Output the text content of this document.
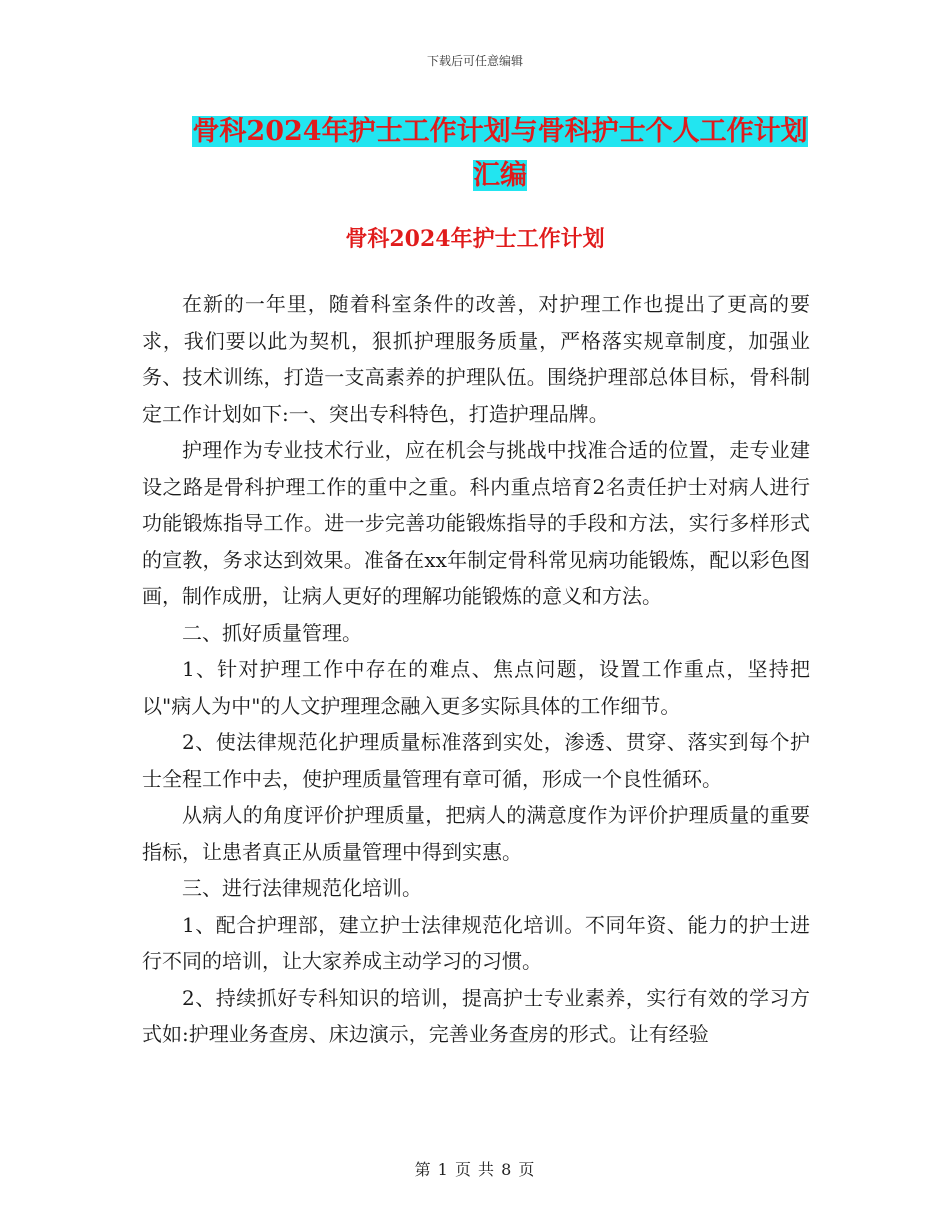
下载后可任意编辑
骨科2024年护士工作计划与骨科护士个人工作计划汇编
骨科2024年护士工作计划

在新的一年里，随着科室条件的改善，对护理工作也提出了更高的要求，我们要以此为契机，狠抓护理服务质量，严格落实规章制度，加强业务、技术训练，打造一支高素养的护理队伍。围绕护理部总体目标，骨科制定工作计划如下:一、突出专科特色，打造护理品牌。

护理作为专业技术行业，应在机会与挑战中找准合适的位置，走专业建设之路是骨科护理工作的重中之重。科内重点培育2名责任护士对病人进行功能锻炼指导工作。进一步完善功能锻炼指导的手段和方法，实行多样形式的宣教，务求达到效果。准备在xx年制定骨科常见病功能锻炼，配以彩色图画，制作成册，让病人更好的理解功能锻炼的意义和方法。

二、抓好质量管理。

1、针对护理工作中存在的难点、焦点问题，设置工作重点，坚持把以"病人为中"的人文护理理念融入更多实际具体的工作细节。

2、使法律规范化护理质量标准落到实处，渗透、贯穿、落实到每个护士全程工作中去，使护理质量管理有章可循，形成一个良性循环。

从病人的角度评价护理质量，把病人的满意度作为评价护理质量的重要指标，让患者真正从质量管理中得到实惠。

三、进行法律规范化培训。

1、配合护理部，建立护士法律规范化培训。不同年资、能力的护士进行不同的培训，让大家养成主动学习的习惯。

2、持续抓好专科知识的培训，提高护士专业素养，实行有效的学习方式如:护理业务查房、床边演示，完善业务查房的形式。让有经验

第 1 页 共 8 页
